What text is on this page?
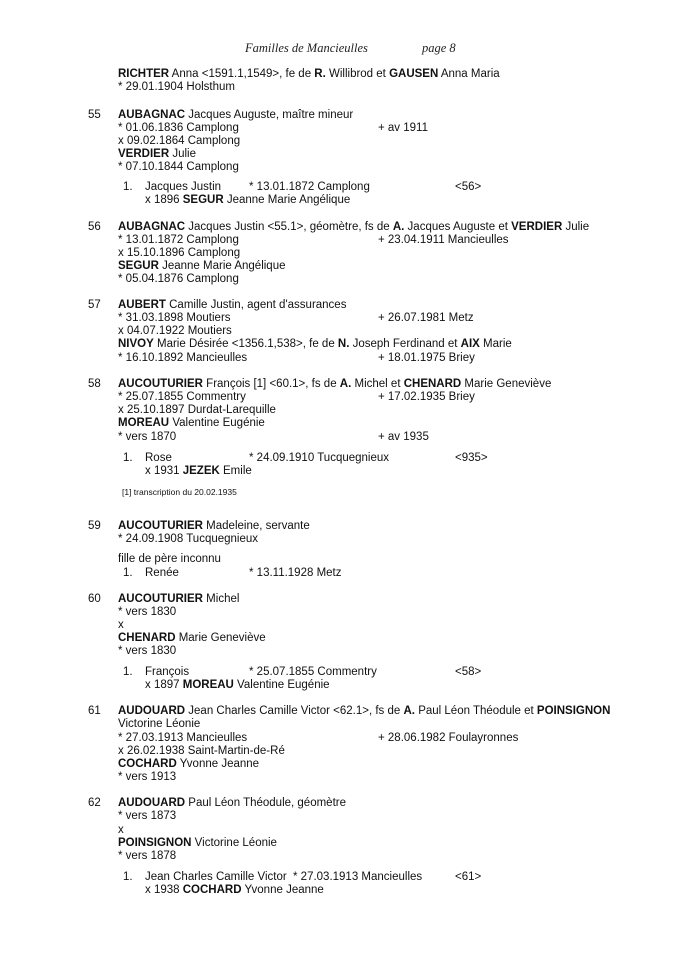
Familles de Mancieulles	page 8
RICHTER Anna <1591.1,1549>, fe de R. Willibrod et GAUSEN Anna Maria
* 29.01.1904 Holsthum
55 AUBAGNAC Jacques Auguste, maître mineur
* 01.06.1836 Camplong	+ av 1911
x 09.02.1864 Camplong
VERDIER Julie
* 07.10.1844 Camplong
1. Jacques Justin * 13.01.1872 Camplong	<56>
x 1896 SEGUR Jeanne Marie Angélique
56 AUBAGNAC Jacques Justin <55.1>, géomètre, fs de A. Jacques Auguste et VERDIER Julie
* 13.01.1872 Camplong	+ 23.04.1911 Mancieulles
x 15.10.1896 Camplong
SEGUR Jeanne Marie Angélique
* 05.04.1876 Camplong
57 AUBERT Camille Justin, agent d'assurances
* 31.03.1898 Moutiers	+ 26.07.1981 Metz
x 04.07.1922 Moutiers
NIVOY Marie Désirée <1356.1,538>, fe de N. Joseph Ferdinand et AIX Marie
* 16.10.1892 Mancieulles	+ 18.01.1975 Briey
58 AUCOUTURIER François [1] <60.1>, fs de A. Michel et CHENARD Marie Geneviève
* 25.07.1855 Commentry	+ 17.02.1935 Briey
x 25.10.1897 Durdat-Larequille
MOREAU Valentine Eugénie
* vers 1870	+ av 1935
1. Rose	* 24.09.1910 Tucquegnieux	<935>
x 1931 JEZEK Emile
[1] transcription du 20.02.1935
59 AUCOUTURIER Madeleine, servante
* 24.09.1908 Tucquegnieux
fille de père inconnu
1. Renée	* 13.11.1928 Metz
60 AUCOUTURIER Michel
* vers 1830
x
CHENARD Marie Geneviève
* vers 1830
1. François	* 25.07.1855 Commentry	<58>
x 1897 MOREAU Valentine Eugénie
61 AUDOUARD Jean Charles Camille Victor <62.1>, fs de A. Paul Léon Théodule et POINSIGNON
Victorine Léonie
* 27.03.1913 Mancieulles	+ 28.06.1982 Foulayronnes
x 26.02.1938 Saint-Martin-de-Ré
COCHARD Yvonne Jeanne
* vers 1913
62 AUDOUARD Paul Léon Théodule, géomètre
* vers 1873
x
POINSIGNON Victorine Léonie
* vers 1878
1. Jean Charles Camille Victor * 27.03.1913 Mancieulles	<61>
x 1938 COCHARD Yvonne Jeanne
